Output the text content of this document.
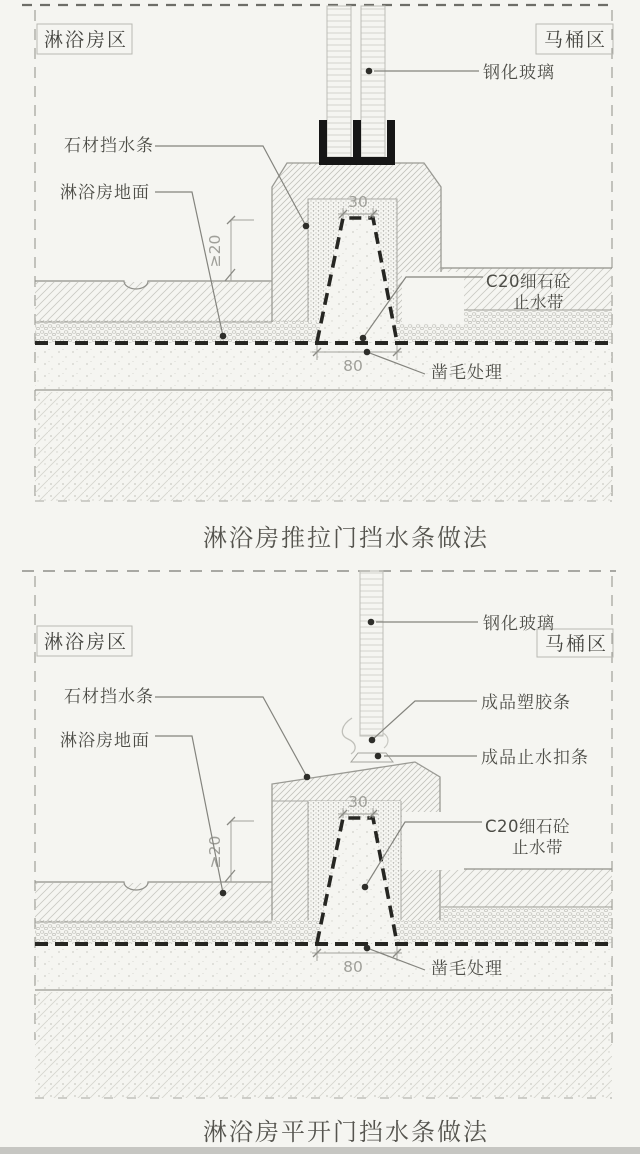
30
80
≥20
淋浴房区	马桶区
钢化玻璃
石材挡水条
淋浴房地面
C20细石砼
止水带
凿毛处理
淋浴房推拉门挡水条做法
30
80
≥20
淋浴房区	马桶区
钢化玻璃
成品塑胶条
成品止水扣条
石材挡水条
淋浴房地面
C20细石砼
止水带
凿毛处理
淋浴房平开门挡水条做法
